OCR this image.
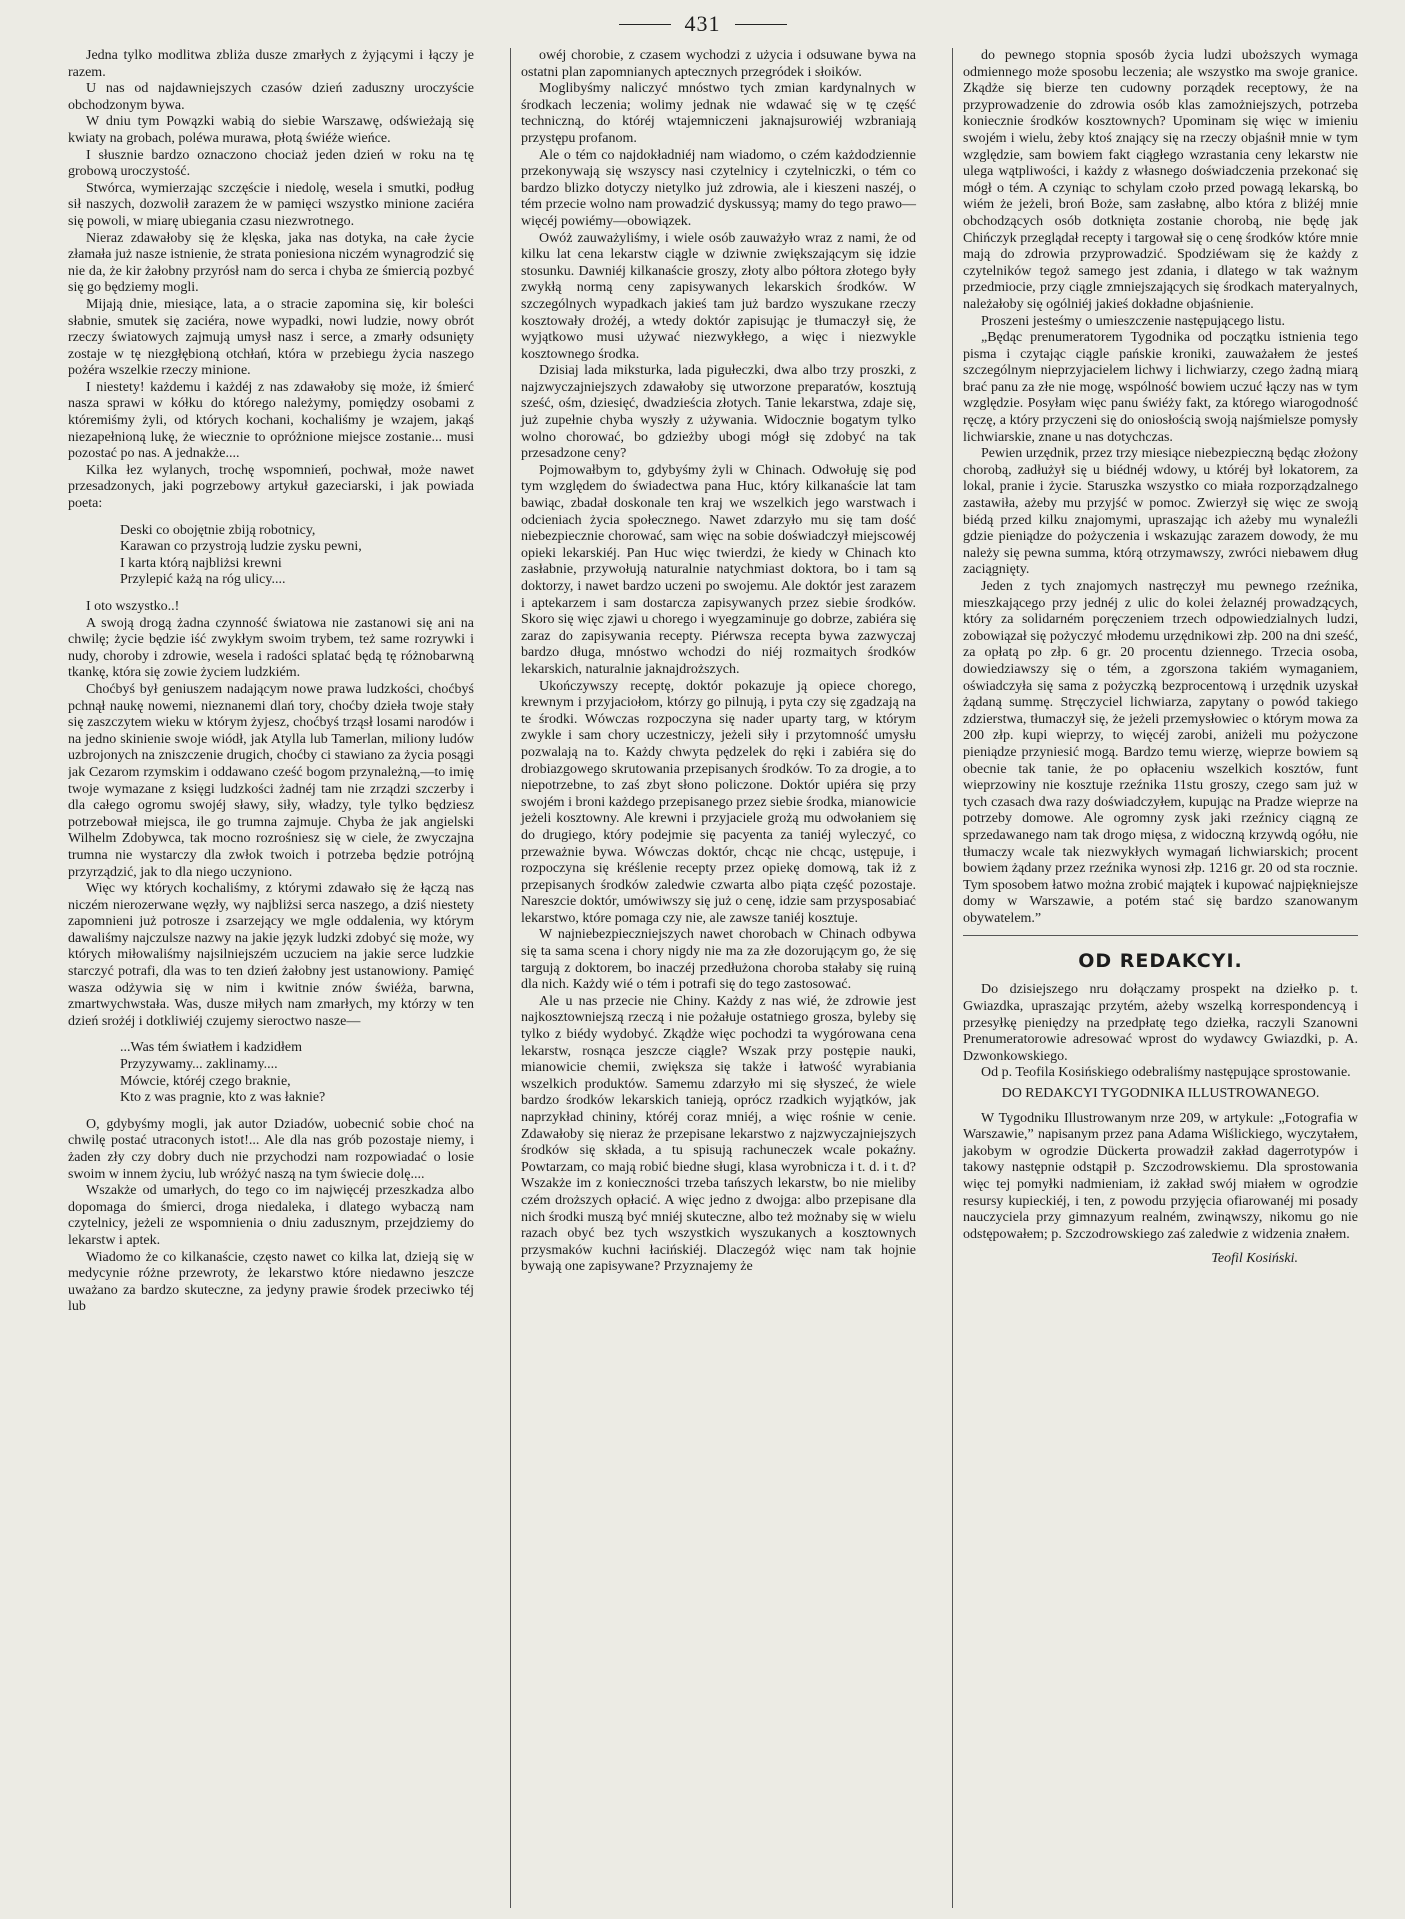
431

Jedna tylko modlitwa zbliża dusze zmarłych z żyjącymi i łączy je razem.

U nas od najdawniejszych czasów dzień zaduszny uroczyście obchodzonym bywa.

W dniu tym Powązki wabią do siebie Warszawę, odświeżają się kwiaty na grobach, poléwa murawa, płotą świéże wieńce.

I słusznie bardzo oznaczono chociaż jeden dzień w roku na tę grobową uroczystość.

Stwórca, wymierzając szczęście i niedolę, wesela i smutki, podług sił naszych, dozwolił zarazem że w pamięci wszystko minione zaciéra się powoli, w miarę ubiegania czasu niezwrotnego.

Nieraz zdawałoby się że klęska, jaka nas dotyka, na całe życie złamała już nasze istnienie, że strata poniesiona niczém wynagrodzić się nie da, że kir żałobny przyrósł nam do serca i chyba ze śmiercią pozbyć się go będziemy mogli.

Mijają dnie, miesiące, lata, a o stracie zapomina się, kir boleści słabnie, smutek się zaciéra, nowe wypadki, nowi ludzie, nowy obrót rzeczy światowych zajmują umysł nasz i serce, a zmarły odsunięty zostaje w tę niezgłębioną otchłań, która w przebiegu życia naszego pożéra wszelkie rzeczy minione.

I niestety! każdemu i każdéj z nas zdawałoby się może, iż śmierć nasza sprawi w kółku do którego należymy, pomiędzy osobami z któremiśmy żyli, od których kochani, kochaliśmy je wzajem, jakąś niezapełnioną lukę, że wiecznie to opróżnione miejsce zostanie... musi pozostać po nas. A jednakże....

Kilka łez wylanych, trochę wspomnień, pochwał, może nawet przesadzonych, jaki pogrzebowy artykuł gazeciarski, i jak powiada poeta:

Deski co obojętnie zbiją robotnicy,
Karawan co przystroją ludzie zysku pewni,
I karta którą najbliżsi krewni
Przylepić każą na róg ulicy....

I oto wszystko..!

A swoją drogą żadna czynność światowa nie zastanowi się ani na chwilę; życie będzie iść zwykłym swoim trybem, też same rozrywki i nudy, choroby i zdrowie, wesela i radości splatać będą tę różnobarwną tkankę, która się zowie życiem ludzkiém.

Choćbyś był geniuszem nadającym nowe prawa ludzkości, choćbyś pchnął naukę nowemi, nieznanemi dlań tory, choćby dzieła twoje stały się zaszczytem wieku w którym żyjesz, choćbyś trząsł losami narodów i na jedno skinienie swoje wiódł, jak Atylla lub Tamerlan, miliony ludów uzbrojonych na zniszczenie drugich, choćby ci stawiano za życia posągi jak Cezarom rzymskim i oddawano cześć bogom przynależną,—to imię twoje wymazane z księgi ludzkości żadnéj tam nie zrządzi szczerby i dla całego ogromu swojéj sławy, siły, władzy, tyle tylko będziesz potrzebował miejsca, ile go trumna zajmuje. Chyba że jak angielski Wilhelm Zdobywca, tak mocno rozrośniesz się w ciele, że zwyczajna trumna nie wystarczy dla zwłok twoich i potrzeba będzie potrójną przyrządzić, jak to dla niego uczyniono.

Więc wy których kochaliśmy, z którymi zdawało się że łączą nas niczém nierozerwane węzły, wy najbliżsi serca naszego, a dziś niestety zapomnieni już potrosze i zsarzejący we mgle oddalenia, wy którym dawaliśmy najczulsze nazwy na jakie język ludzki zdobyć się może, wy których miłowaliśmy najsilniejszém uczuciem na jakie serce ludzkie starczyć potrafi, dla was to ten dzień żałobny jest ustanowiony. Pamięć wasza odżywia się w nim i kwitnie znów świéża, barwna, zmartwychwstała. Was, dusze miłych nam zmarłych, my którzy w ten dzień srożéj i dotkliwiéj czujemy sieroctwo nasze—

...Was tém światłem i kadzidłem
Przyzywamy... zaklinamy....
Mówcie, któréj czego braknie,
Kto z was pragnie, kto z was łaknie?

O, gdybyśmy mogli, jak autor Dziadów, uobecnić sobie choć na chwilę postać utraconych istot!... Ale dla nas grób pozostaje niemy, i żaden zły czy dobry duch nie przychodzi nam rozpowiadać o losie swoim w innem życiu, lub wróżyć naszą na tym świecie dolę....

Wszakże od umarłych, do tego co im najwięcéj przeszkadza albo dopomaga do śmierci, droga niedaleka, i dlatego wybaczą nam czytelnicy, jeżeli ze wspomnienia o dniu zadusznym, przejdziemy do lekarstw i aptek.

Wiadomo że co kilkanaście, często nawet co kilka lat, dzieją się w medycynie różne przewroty, że lekarstwo które niedawno jeszcze uważano za bardzo skuteczne, za jedyny prawie środek przeciwko téj lub

owéj chorobie, z czasem wychodzi z użycia i odsuwane bywa na ostatni plan zapomnianych aptecznych przegródek i słoików.

Moglibyśmy naliczyć mnóstwo tych zmian kardynalnych w środkach leczenia; wolimy jednak nie wdawać się w tę część techniczną, do któréj wtajemniczeni jaknajsurowiéj wzbraniają przystępu profanom.

Ale o tém co najdokładniéj nam wiadomo, o czém każdodziennie przekonywają się wszyscy nasi czytelnicy i czytelniczki, o tém co bardzo blizko dotyczy nietylko już zdrowia, ale i kieszeni naszéj, o tém przecie wolno nam prowadzić dyskussyą; mamy do tego prawo—więcéj powiémy—obowiązek.

Owóż zauważyliśmy, i wiele osób zauważyło wraz z nami, że od kilku lat cena lekarstw ciągle w dziwnie zwiększającym się idzie stosunku. Dawniéj kilkanaście groszy, złoty albo półtora złotego były zwykłą normą ceny zapisywanych lekarskich środków. W szczególnych wypadkach jakieś tam już bardzo wyszukane rzeczy kosztowały drożéj, a wtedy doktór zapisując je tłumaczył się, że wyjątkowo musi używać niezwykłego, a więc i niezwykle kosztownego środka.

Dzisiaj lada miksturka, lada pigułeczki, dwa albo trzy proszki, z najzwyczajniejszych zdawałoby się utworzone preparatów, kosztują sześć, ośm, dziesięć, dwadzieścia złotych. Tanie lekarstwa, zdaje się, już zupełnie chyba wyszły z używania. Widocznie bogatym tylko wolno chorować, bo gdzieżby ubogi mógł się zdobyć na tak przesadzone ceny?

Pojmowałbym to, gdybyśmy żyli w Chinach. Odwołuję się pod tym względem do świadectwa pana Huc, który kilkanaście lat tam bawiąc, zbadał doskonale ten kraj we wszelkich jego warstwach i odcieniach życia społecznego. Nawet zdarzyło mu się tam dość niebezpiecznie chorować, sam więc na sobie doświadczył miejscowéj opieki lekarskiéj. Pan Huc więc twierdzi, że kiedy w Chinach kto zasłabnie, przywołują naturalnie natychmiast doktora, bo i tam są doktorzy, i nawet bardzo uczeni po swojemu. Ale doktór jest zarazem i aptekarzem i sam dostarcza zapisywanych przez siebie środków. Skoro się więc zjawi u chorego i wyegzaminuje go dobrze, zabiéra się zaraz do zapisywania recepty. Piérwsza recepta bywa zazwyczaj bardzo długa, mnóstwo wchodzi do niéj rozmaitych środków lekarskich, naturalnie jaknajdroższych.

Ukończywszy receptę, doktór pokazuje ją opiece chorego, krewnym i przyjaciołom, którzy go pilnują, i pyta czy się zgadzają na te środki. Wówczas rozpoczyna się nader uparty targ, w którym zwykle i sam chory uczestniczy, jeżeli siły i przytomność umysłu pozwalają na to. Każdy chwyta pędzelek do ręki i zabiéra się do drobiazgowego skrutowania przepisanych środków. To za drogie, a to niepotrzebne, to zaś zbyt słono policzone. Doktór upiéra się przy swojém i broni każdego przepisanego przez siebie środka, mianowicie jeżeli kosztowny. Ale krewni i przyjaciele grożą mu odwołaniem się do drugiego, który podejmie się pacyenta za taniéj wyleczyć, co przeważnie bywa. Wówczas doktór, chcąc nie chcąc, ustępuje, i rozpoczyna się kréślenie recepty przez opiekę domową, tak iż z przepisanych środków zaledwie czwarta albo piąta część pozostaje. Nareszcie doktór, umówiwszy się już o cenę, idzie sam przysposabiać lekarstwo, które pomaga czy nie, ale zawsze taniéj kosztuje.

W najniebezpieczniejszych nawet chorobach w Chinach odbywa się ta sama scena i chory nigdy nie ma za złe dozorującym go, że się targują z doktorem, bo inaczéj przedłużona choroba stałaby się ruiną dla nich. Każdy wié o tém i potrafi się do tego zastosować.

Ale u nas przecie nie Chiny. Każdy z nas wié, że zdrowie jest najkosztowniejszą rzeczą i nie pożałuje ostatniego grosza, byleby się tylko z biédy wydobyć. Zkądże więc pochodzi ta wygórowana cena lekarstw, rosnąca jeszcze ciągle? Wszak przy postępie nauki, mianowicie chemii, zwiększa się także i łatwość wyrabiania wszelkich produktów. Samemu zdarzyło mi się słyszeć, że wiele bardzo środków lekarskich tanieją, oprócz rzadkich wyjątków, jak naprzykład chininy, któréj coraz mniéj, a więc rośnie w cenie. Zdawałoby się nieraz że przepisane lekarstwo z najzwyczajniejszych środków się składa, a tu spisują rachuneczek wcale pokaźny. Powtarzam, co mają robić biedne sługi, klasa wyrobnicza i t. d. i t. d? Wszakże im z konieczności trzeba tańszych lekarstw, bo nie mieliby czém droższych opłacić. A więc jedno z dwojga: albo przepisane dla nich środki muszą być mniéj skuteczne, albo też możnaby się w wielu razach obyć bez tych wszystkich wyszukanych a kosztownych przysmaków kuchni łacińskiéj. Dlaczegóż więc nam tak hojnie bywają one zapisywane? Przyznajemy że

do pewnego stopnia sposób życia ludzi uboższych wymaga odmiennego może sposobu leczenia; ale wszystko ma swoje granice. Zkądże się bierze ten cudowny porządek receptowy, że na przyprowadzenie do zdrowia osób klas zamożniejszych, potrzeba koniecznie środków kosztownych? Upominam się więc w imieniu swojém i wielu, żeby ktoś znający się na rzeczy objaśnił mnie w tym względzie, sam bowiem fakt ciągłego wzrastania ceny lekarstw nie ulega wątpliwości, i każdy z własnego doświadczenia przekonać się mógł o tém. A czyniąc to schylam czoło przed powagą lekarską, bo wiém że jeżeli, broń Boże, sam zasłabnę, albo która z bliżéj mnie obchodzących osób dotknięta zostanie chorobą, nie będę jak Chińczyk przeglądał recepty i targował się o cenę środków które mnie mają do zdrowia przyprowadzić. Spodziéwam się że każdy z czytelników tegoż samego jest zdania, i dlatego w tak ważnym przedmiocie, przy ciągle zmniejszających się środkach materyalnych, należałoby się ogólniéj jakieś dokładne objaśnienie.

Proszeni jesteśmy o umieszczenie następującego listu.

„Będąc prenumeratorem Tygodnika od początku istnienia tego pisma i czytając ciągle pańskie kroniki, zauważałem że jesteś szczególnym nieprzyjacielem lichwy i lichwiarzy, czego żadną miarą brać panu za złe nie mogę, wspólność bowiem uczuć łączy nas w tym względzie. Posyłam więc panu świéży fakt, za którego wiarogodność ręczę, a który przyczeni się do oniosłością swoją najśmielsze pomysły lichwiarskie, znane u nas dotychczas.

Pewien urzędnik, przez trzy miesiące niebezpieczną będąc złożony chorobą, zadłużył się u biédnéj wdowy, u któréj był lokatorem, za lokal, pranie i życie. Staruszka wszystko co miała rozporządzalnego zastawiła, ażeby mu przyjść w pomoc. Zwierzył się więc ze swoją biédą przed kilku znajomymi, upraszając ich ażeby mu wynaleźli gdzie pieniądze do pożyczenia i wskazując zarazem dowody, że mu należy się pewna summa, którą otrzymawszy, zwróci niebawem dług zaciągnięty.

Jeden z tych znajomych nastręczył mu pewnego rzeźnika, mieszkającego przy jednéj z ulic do kolei żelaznéj prowadzących, który za solidarném poręczeniem trzech odpowiedzialnych ludzi, zobowiązał się pożyczyć młodemu urzędnikowi złp. 200 na dni sześć, za opłatą po złp. 6 gr. 20 procentu dziennego. Trzecia osoba, dowiedziawszy się o tém, a zgorszona takiém wymaganiem, oświadczyła się sama z pożyczką bezprocentową i urzędnik uzyskał żądaną summę. Stręczyciel lichwiarza, zapytany o powód takiego zdzierstwa, tłumaczył się, że jeżeli przemysłowiec o którym mowa za 200 złp. kupi wieprzy, to więcéj zarobi, aniżeli mu pożyczone pieniądze przyniesić mogą. Bardzo temu wierzę, wieprze bowiem są obecnie tak tanie, że po opłaceniu wszelkich kosztów, funt wieprzowiny nie kosztuje rzeźnika 11stu groszy, czego sam już w tych czasach dwa razy doświadczyłem, kupując na Pradze wieprze na potrzeby domowe. Ale ogromny zysk jaki rzeźnicy ciągną ze sprzedawanego nam tak drogo mięsa, z widoczną krzywdą ogółu, nie tłumaczy wcale tak niezwykłych wymagań lichwiarskich; procent bowiem żądany przez rzeźnika wynosi złp. 1216 gr. 20 od sta rocznie. Tym sposobem łatwo można zrobić majątek i kupować najpiękniejsze domy w Warszawie, a potém stać się bardzo szanowanym obywatelem.”

OD REDAKCYI.

Do dzisiejszego nru dołączamy prospekt na dziełko p. t. Gwiazdka, upraszając przytém, ażeby wszelką korrespondencyą i przesyłkę pieniędzy na przedpłatę tego dziełka, raczyli Szanowni Prenumeratorowie adresować wprost do wydawcy Gwiazdki, p. A. Dzwonkowskiego.

Od p. Teofila Kosińskiego odebraliśmy następujące sprostowanie.

DO REDAKCYI TYGODNIKA ILLUSTROWANEGO.

W Tygodniku Illustrowanym nrze 209, w artykule: „Fotografia w Warszawie,” napisanym przez pana Adama Wiślickiego, wyczytałem, jakobym w ogrodzie Dückerta prowadził zakład dagerrotypów i takowy następnie odstąpił p. Szczodrowskiemu. Dla sprostowania więc tej pomyłki nadmieniam, iż zakład swój miałem w ogrodzie resursy kupieckiéj, i ten, z powodu przyjęcia ofiarowanéj mi posady nauczyciela przy gimnazyum realném, zwinąwszy, nikomu go nie odstępowałem; p. Szczodrowskiego zaś zaledwie z widzenia znałem.

Teofil Kosiński.
